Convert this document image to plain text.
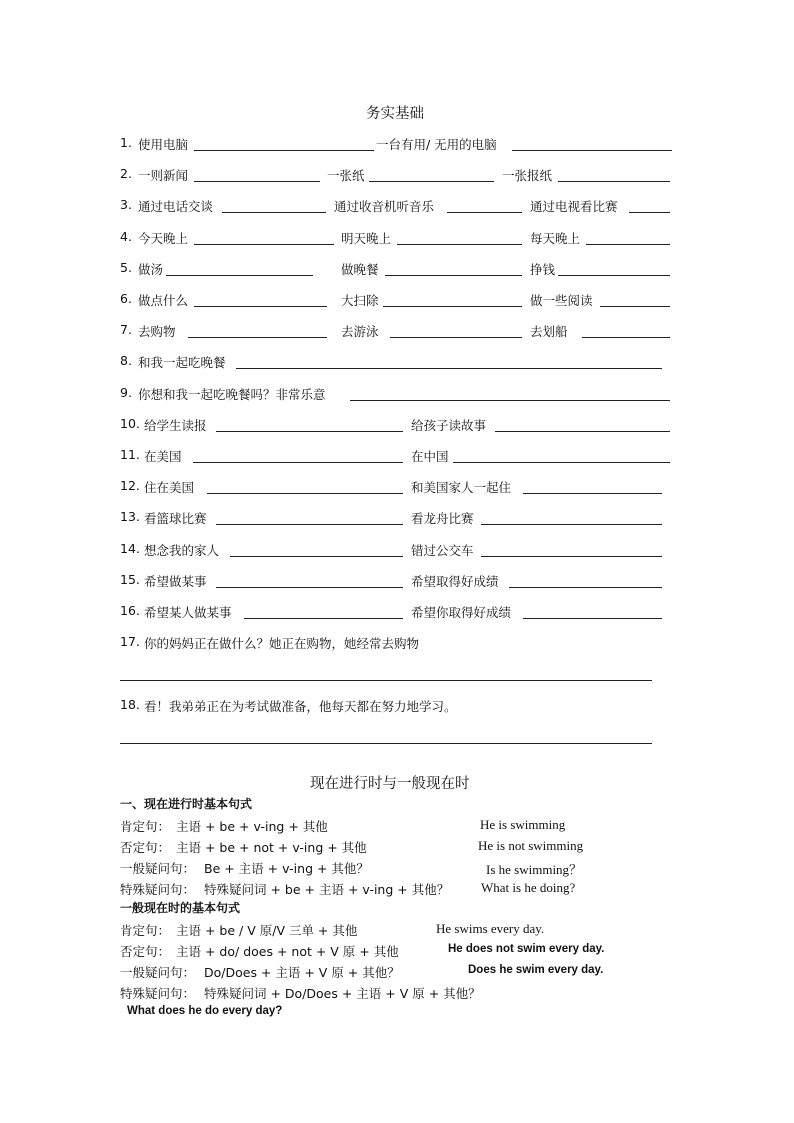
务实基础
1. 使用电脑	一台有用/ 无用的电脑
2. 一则新闻	一张纸	一张报纸
3. 通过电话交谈	通过收音机听音乐	通过电视看比赛
4. 今天晚上	明天晚上	每天晚上
5. 做汤	做晚餐	挣钱
6. 做点什么	大扫除	做一些阅读
7. 去购物	去游泳	去划船
8. 和我一起吃晚餐
9. 你想和我一起吃晚餐吗？非常乐意
10. 给学生读报	给孩子读故事
11. 在美国	在中国
12. 住在美国	和美国家人一起住
13. 看篮球比赛	看龙舟比赛
14. 想念我的家人	错过公交车
15. 希望做某事	希望取得好成绩
16. 希望某人做某事	希望你取得好成绩
17. 你的妈妈正在做什么？她正在购物，她经常去购物
18. 看！我弟弟正在为考试做准备，他每天都在努力地学习。
现在进行时与一般现在时
一、现在进行时基本句式
肯定句： 主语 + be + v-ing + 其他	He is swimming
否定句： 主语 + be + not + v-ing + 其他	He is not swimming
一般疑问句： Be + 主语 + v-ing + 其他？	Is he swimming？
特殊疑问句： 特殊疑问词 + be + 主语 + v-ing + 其他？ What is he doing?
一般现在时的基本句式
肯定句： 主语 + be / V 原/V 三单 + 其他	He swims every day.
否定句： 主语 + do/ does + not + V 原 + 其他	He does not swim every day.
一般疑问句： Do/Does + 主语 + V 原 + 其他？	Does he swim every day.
特殊疑问句： 特殊疑问词 + Do/Does + 主语 + V 原 + 其他？
What does he do every day?
